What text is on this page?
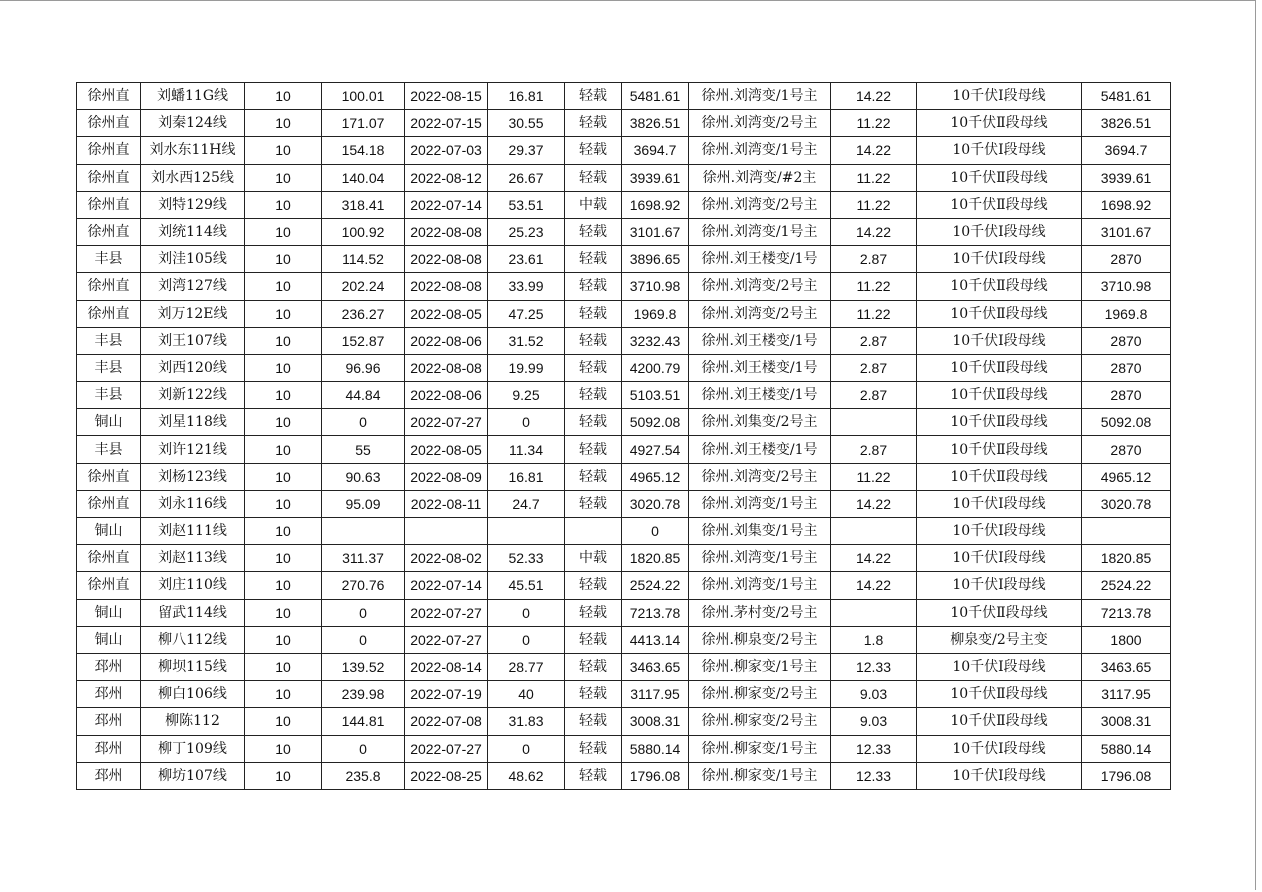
徐州直	刘蟠11G线	10	100.01	2022-08-15	16.81	轻载	5481.61	徐州.刘湾变/1号主	14.22	10千伏Ⅰ段母线	5481.61
徐州直	刘秦124线	10	171.07	2022-07-15	30.55	轻载	3826.51	徐州.刘湾变/2号主	11.22	10千伏Ⅱ段母线	3826.51
徐州直	刘水东11H线	10	154.18	2022-07-03	29.37	轻载	3694.7	徐州.刘湾变/1号主	14.22	10千伏Ⅰ段母线	3694.7
徐州直	刘水西125线	10	140.04	2022-08-12	26.67	轻载	3939.61	徐州.刘湾变/#2主	11.22	10千伏Ⅱ段母线	3939.61
徐州直	刘特129线	10	318.41	2022-07-14	53.51	中载	1698.92	徐州.刘湾变/2号主	11.22	10千伏Ⅱ段母线	1698.92
徐州直	刘统114线	10	100.92	2022-08-08	25.23	轻载	3101.67	徐州.刘湾变/1号主	14.22	10千伏Ⅰ段母线	3101.67
丰县	刘洼105线	10	114.52	2022-08-08	23.61	轻载	3896.65	徐州.刘王楼变/1号	2.87	10千伏Ⅰ段母线	2870
徐州直	刘湾127线	10	202.24	2022-08-08	33.99	轻载	3710.98	徐州.刘湾变/2号主	11.22	10千伏Ⅱ段母线	3710.98
徐州直	刘万12E线	10	236.27	2022-08-05	47.25	轻载	1969.8	徐州.刘湾变/2号主	11.22	10千伏Ⅱ段母线	1969.8
丰县	刘王107线	10	152.87	2022-08-06	31.52	轻载	3232.43	徐州.刘王楼变/1号	2.87	10千伏Ⅰ段母线	2870
丰县	刘西120线	10	96.96	2022-08-08	19.99	轻载	4200.79	徐州.刘王楼变/1号	2.87	10千伏Ⅱ段母线	2870
丰县	刘新122线	10	44.84	2022-08-06	9.25	轻载	5103.51	徐州.刘王楼变/1号	2.87	10千伏Ⅱ段母线	2870
铜山	刘星118线	10	0	2022-07-27	0	轻载	5092.08	徐州.刘集变/2号主		10千伏Ⅱ段母线	5092.08
丰县	刘许121线	10	55	2022-08-05	11.34	轻载	4927.54	徐州.刘王楼变/1号	2.87	10千伏Ⅱ段母线	2870
徐州直	刘杨123线	10	90.63	2022-08-09	16.81	轻载	4965.12	徐州.刘湾变/2号主	11.22	10千伏Ⅱ段母线	4965.12
徐州直	刘永116线	10	95.09	2022-08-11	24.7	轻载	3020.78	徐州.刘湾变/1号主	14.22	10千伏Ⅰ段母线	3020.78
铜山	刘赵111线	10					0	徐州.刘集变/1号主		10千伏Ⅰ段母线	
徐州直	刘赵113线	10	311.37	2022-08-02	52.33	中载	1820.85	徐州.刘湾变/1号主	14.22	10千伏Ⅰ段母线	1820.85
徐州直	刘庄110线	10	270.76	2022-07-14	45.51	轻载	2524.22	徐州.刘湾变/1号主	14.22	10千伏Ⅰ段母线	2524.22
铜山	留武114线	10	0	2022-07-27	0	轻载	7213.78	徐州.茅村变/2号主		10千伏Ⅱ段母线	7213.78
铜山	柳八112线	10	0	2022-07-27	0	轻载	4413.14	徐州.柳泉变/2号主	1.8	柳泉变/2号主变	1800
邳州	柳坝115线	10	139.52	2022-08-14	28.77	轻载	3463.65	徐州.柳家变/1号主	12.33	10千伏Ⅰ段母线	3463.65
邳州	柳白106线	10	239.98	2022-07-19	40	轻载	3117.95	徐州.柳家变/2号主	9.03	10千伏Ⅱ段母线	3117.95
邳州	柳陈112	10	144.81	2022-07-08	31.83	轻载	3008.31	徐州.柳家变/2号主	9.03	10千伏Ⅱ段母线	3008.31
邳州	柳丁109线	10	0	2022-07-27	0	轻载	5880.14	徐州.柳家变/1号主	12.33	10千伏Ⅰ段母线	5880.14
邳州	柳坊107线	10	235.8	2022-08-25	48.62	轻载	1796.08	徐州.柳家变/1号主	12.33	10千伏Ⅰ段母线	1796.08
